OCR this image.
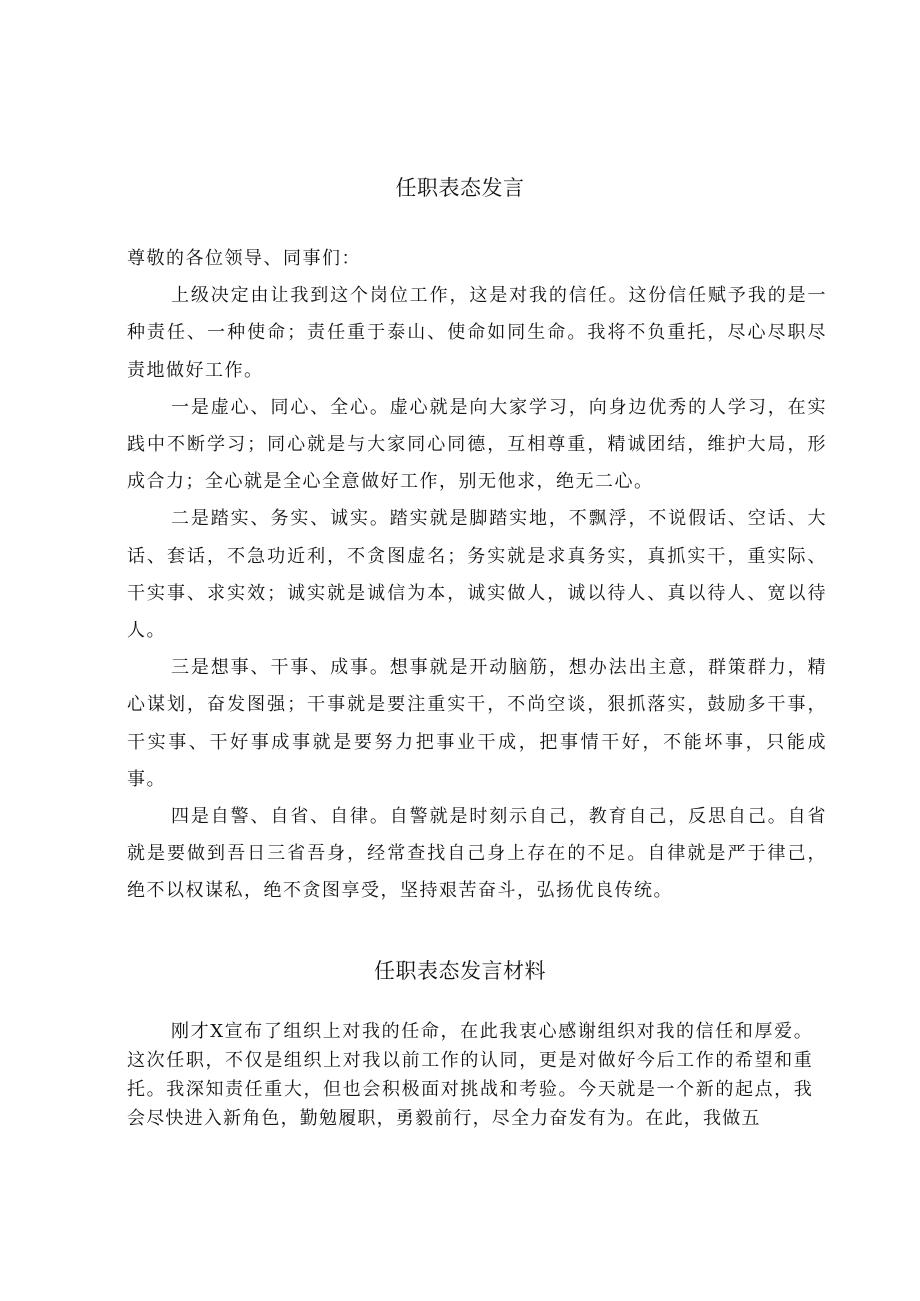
任职表态发言

尊敬的各位领导、同事们：

上级决定由让我到这个岗位工作，这是对我的信任。这份信任赋予我的是一种责任、一种使命；责任重于泰山、使命如同生命。我将不负重托，尽心尽职尽责地做好工作。

一是虚心、同心、全心。虚心就是向大家学习，向身边优秀的人学习，在实践中不断学习；同心就是与大家同心同德，互相尊重，精诚团结，维护大局，形成合力；全心就是全心全意做好工作，别无他求，绝无二心。

二是踏实、务实、诚实。踏实就是脚踏实地，不飘浮，不说假话、空话、大话、套话，不急功近利，不贪图虚名；务实就是求真务实，真抓实干，重实际、干实事、求实效；诚实就是诚信为本，诚实做人，诚以待人、真以待人、宽以待人。

三是想事、干事、成事。想事就是开动脑筋，想办法出主意，群策群力，精心谋划，奋发图强；干事就是要注重实干，不尚空谈，狠抓落实，鼓励多干事，干实事、干好事成事就是要努力把事业干成，把事情干好，不能坏事，只能成事。

四是自警、自省、自律。自警就是时刻示自己，教育自己，反思自己。自省就是要做到吾日三省吾身，经常查找自己身上存在的不足。自律就是严于律己，绝不以权谋私，绝不贪图享受，坚持艰苦奋斗，弘扬优良传统。

任职表态发言材料

刚才X宣布了组织上对我的任命，在此我衷心感谢组织对我的信任和厚爱。这次任职，不仅是组织上对我以前工作的认同，更是对做好今后工作的希望和重托。我深知责任重大，但也会积极面对挑战和考验。今天就是一个新的起点，我会尽快进入新角色，勤勉履职，勇毅前行，尽全力奋发有为。在此，我做五
